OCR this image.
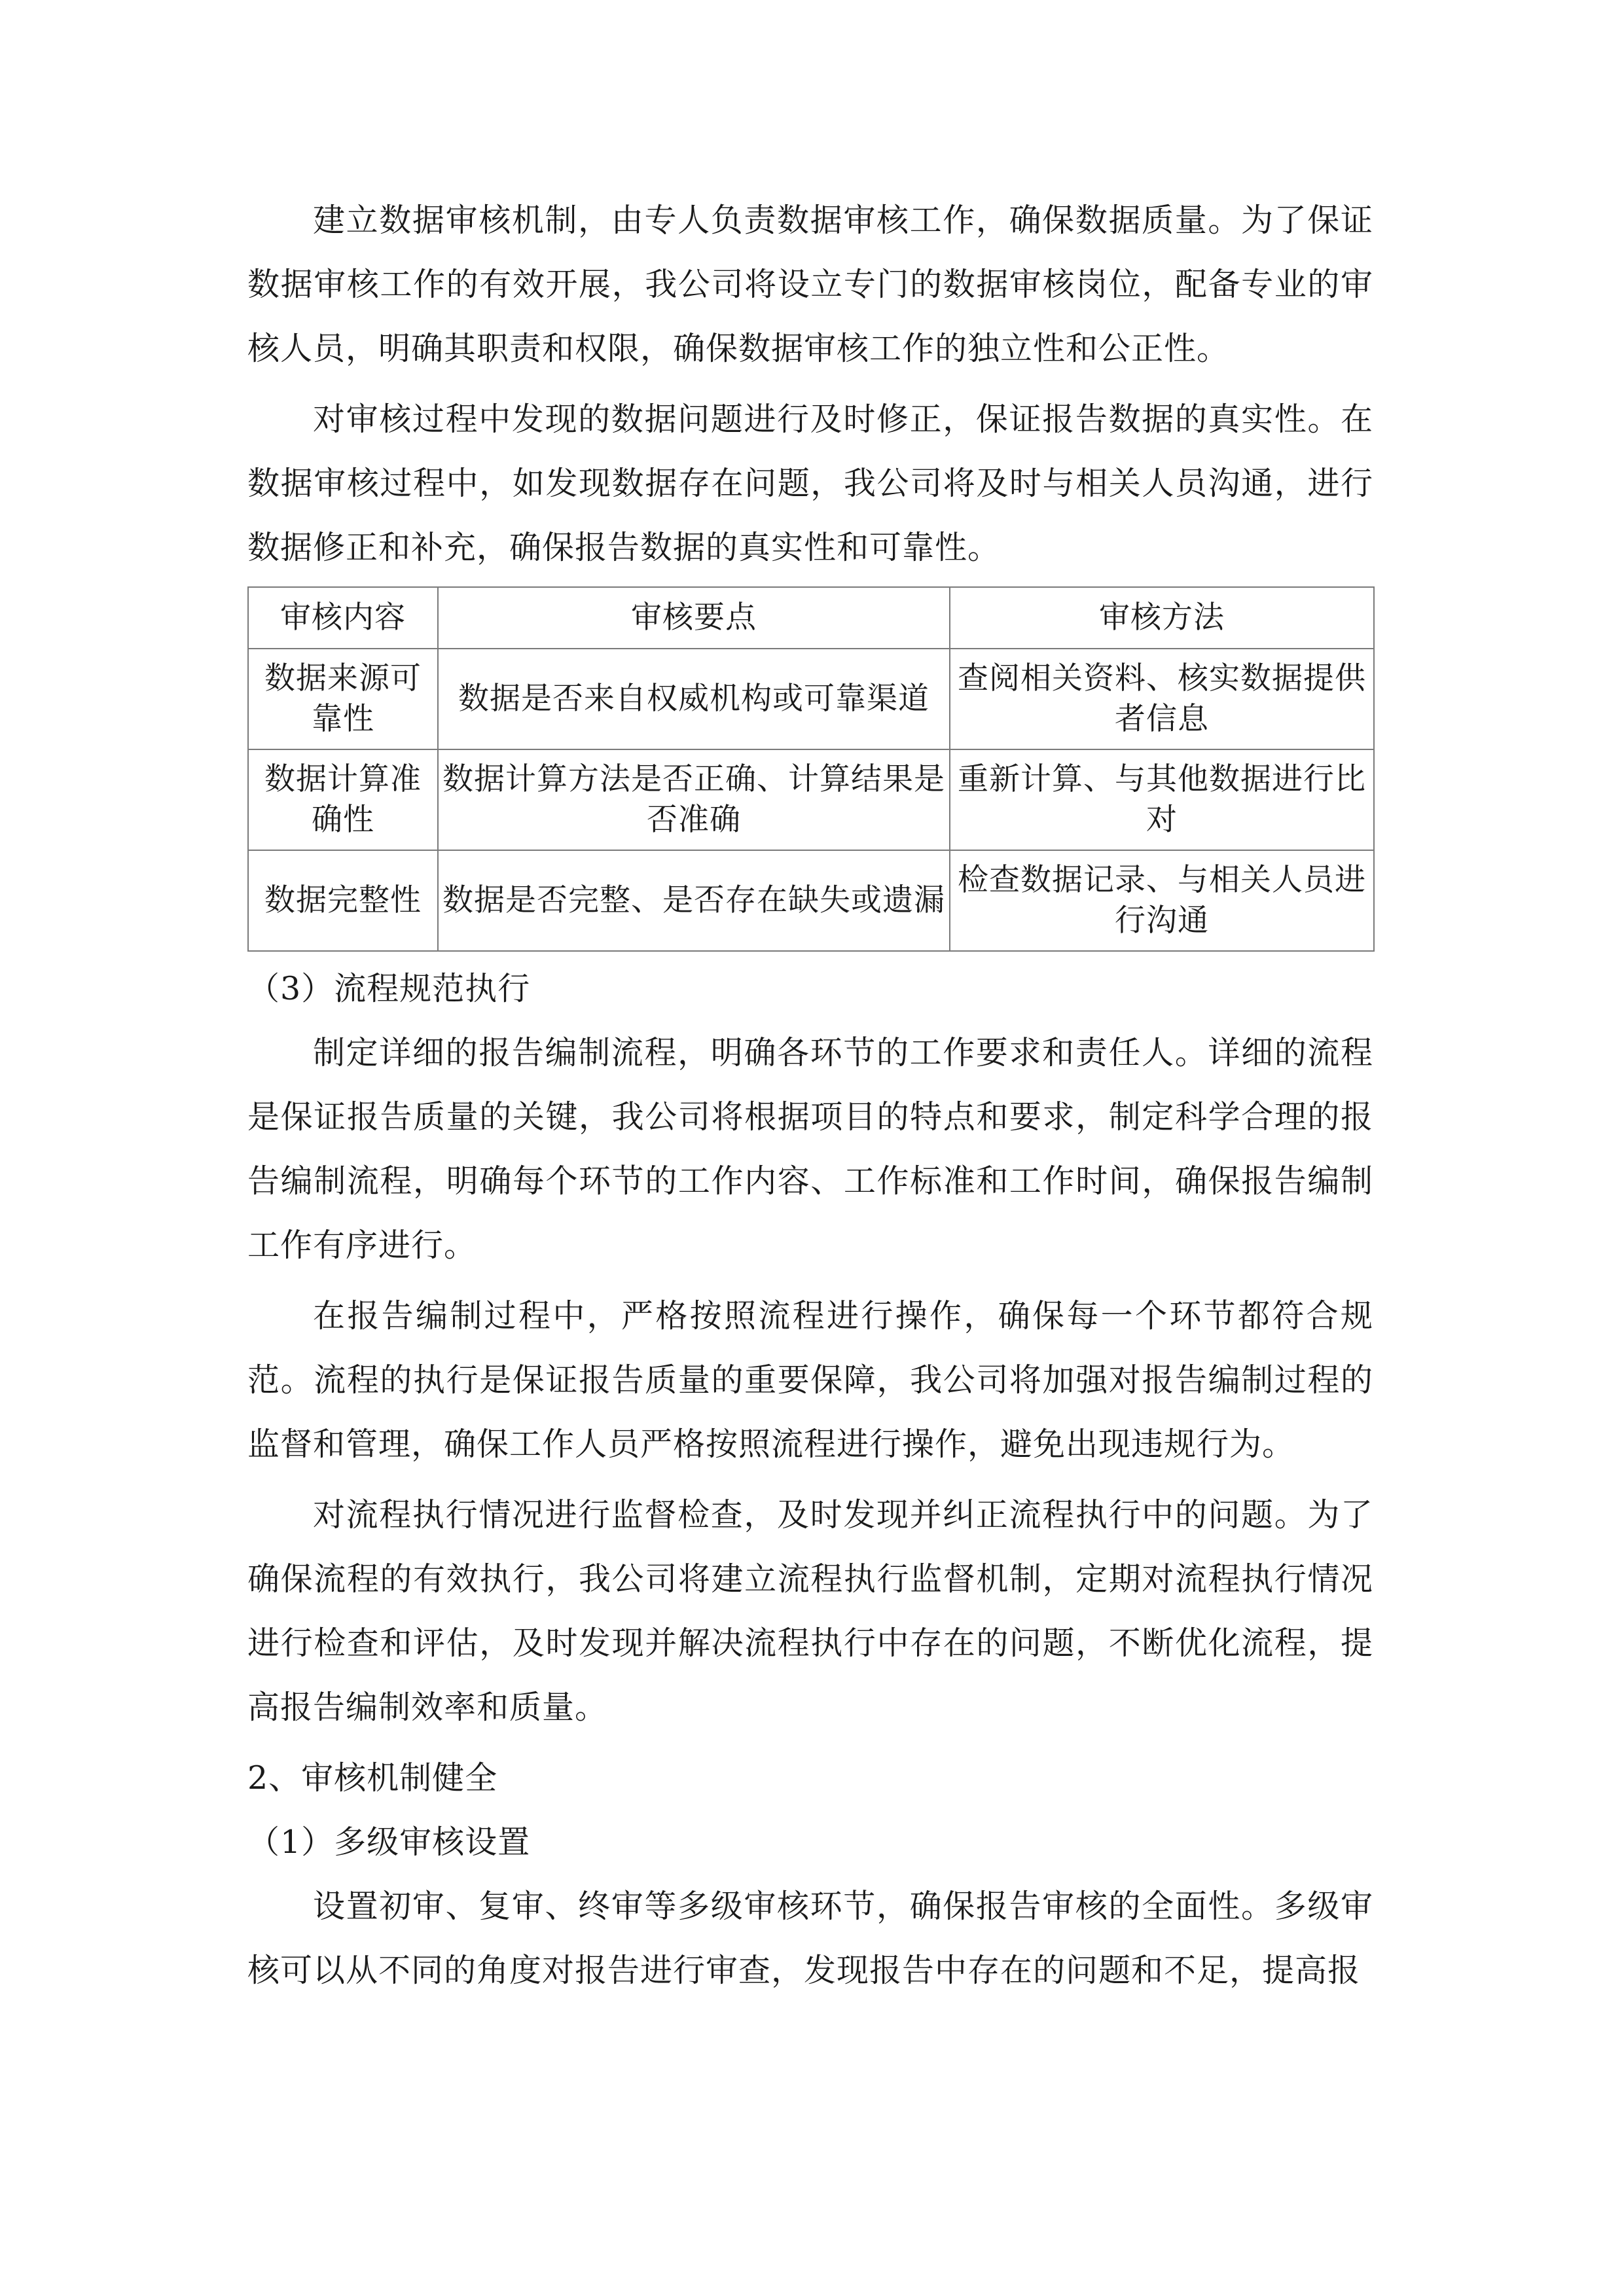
建立数据审核机制，由专人负责数据审核工作，确保数据质量。为了保证数据审核工作的有效开展，我公司将设立专门的数据审核岗位，配备专业的审核人员，明确其职责和权限，确保数据审核工作的独立性和公正性。

对审核过程中发现的数据问题进行及时修正，保证报告数据的真实性。在数据审核过程中，如发现数据存在问题，我公司将及时与相关人员沟通，进行数据修正和补充，确保报告数据的真实性和可靠性。

审核内容	审核要点	审核方法
数据来源可靠性	数据是否来自权威机构或可靠渠道	查阅相关资料、核实数据提供者信息
数据计算准确性	数据计算方法是否正确、计算结果是否准确	重新计算、与其他数据进行比对
数据完整性	数据是否完整、是否存在缺失或遗漏	检查数据记录、与相关人员进行沟通

（3）流程规范执行

制定详细的报告编制流程，明确各环节的工作要求和责任人。详细的流程是保证报告质量的关键，我公司将根据项目的特点和要求，制定科学合理的报告编制流程，明确每个环节的工作内容、工作标准和工作时间，确保报告编制工作有序进行。

在报告编制过程中，严格按照流程进行操作，确保每一个环节都符合规范。流程的执行是保证报告质量的重要保障，我公司将加强对报告编制过程的监督和管理，确保工作人员严格按照流程进行操作，避免出现违规行为。

对流程执行情况进行监督检查，及时发现并纠正流程执行中的问题。为了确保流程的有效执行，我公司将建立流程执行监督机制，定期对流程执行情况进行检查和评估，及时发现并解决流程执行中存在的问题，不断优化流程，提高报告编制效率和质量。

2、审核机制健全

（1）多级审核设置

设置初审、复审、终审等多级审核环节，确保报告审核的全面性。多级审核可以从不同的角度对报告进行审查，发现报告中存在的问题和不足，提高报
